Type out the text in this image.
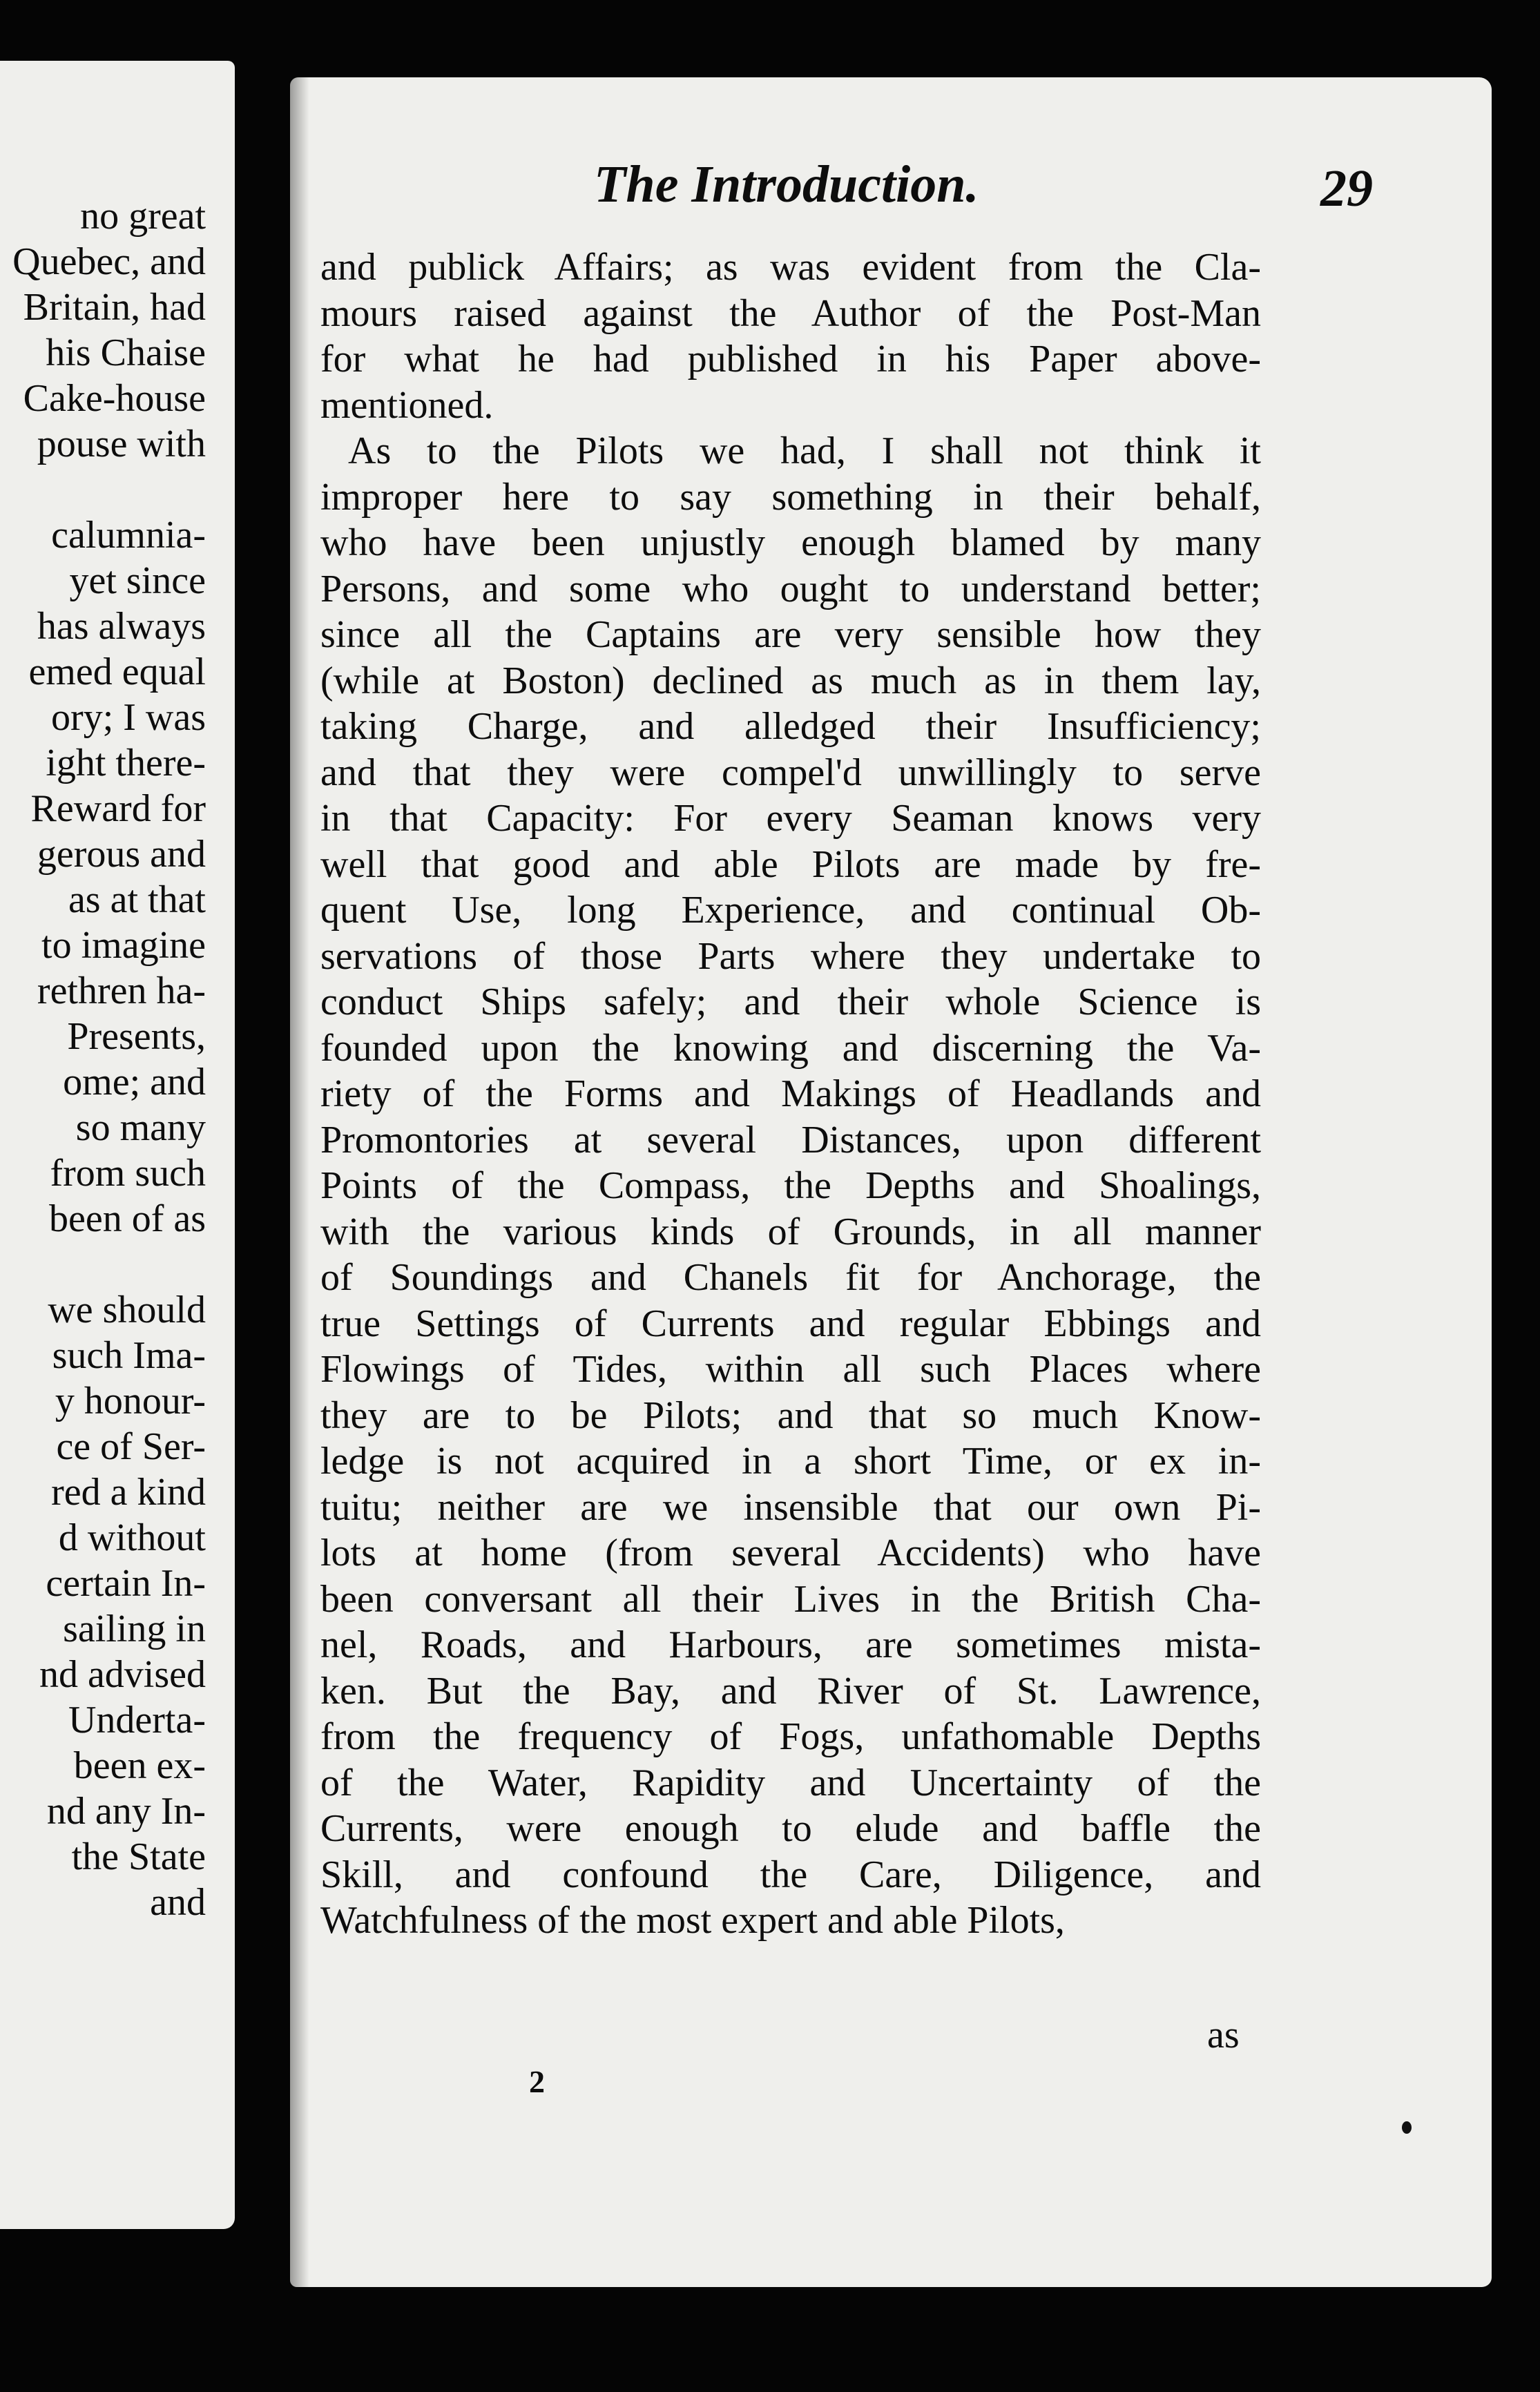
no great
Quebec, and
Britain, had
his Chaise
Cake-house
pouse with
calumnia-
yet since
has always
emed equal
ory; I was
ight there-
Reward for
gerous and
as at that
to imagine
rethren ha-
Presents,
ome; and
so many
from such
been of as
we should
such Ima-
y honour-
ce of Ser-
red a kind
d without
certain In-
sailing in
nd advised
Underta-
been ex-
nd any In-
the State
and
The Introduction.	29
and publick Affairs; as was evident from the Cla-
mours raised against the Author of the Post-Man
for what he had published in his Paper above-
mentioned.
As to the Pilots we had, I shall not think it
improper here to say something in their behalf,
who have been unjustly enough blamed by many
Persons, and some who ought to understand better;
since all the Captains are very sensible how they
(while at Boston) declined as much as in them lay,
taking Charge, and alledged their Insufficiency;
and that they were compel'd unwillingly to serve
in that Capacity: For every Seaman knows very
well that good and able Pilots are made by fre-
quent Use, long Experience, and continual Ob-
servations of those Parts where they undertake to
conduct Ships safely; and their whole Science is
founded upon the knowing and discerning the Va-
riety of the Forms and Makings of Headlands and
Promontories at several Distances, upon different
Points of the Compass, the Depths and Shoalings,
with the various kinds of Grounds, in all manner
of Soundings and Chanels fit for Anchorage, the
true Settings of Currents and regular Ebbings and
Flowings of Tides, within all such Places where
they are to be Pilots; and that so much Know-
ledge is not acquired in a short Time, or ex in-
tuitu; neither are we insensible that our own Pi-
lots at home (from several Accidents) who have
been conversant all their Lives in the British Cha-
nel, Roads, and Harbours, are sometimes mista-
ken. But the Bay, and River of St. Lawrence,
from the frequency of Fogs, unfathomable Depths
of the Water, Rapidity and Uncertainty of the
Currents, were enough to elude and baffle the
Skill, and confound the Care, Diligence, and
Watchfulness of the most expert and able Pilots,
as
2
